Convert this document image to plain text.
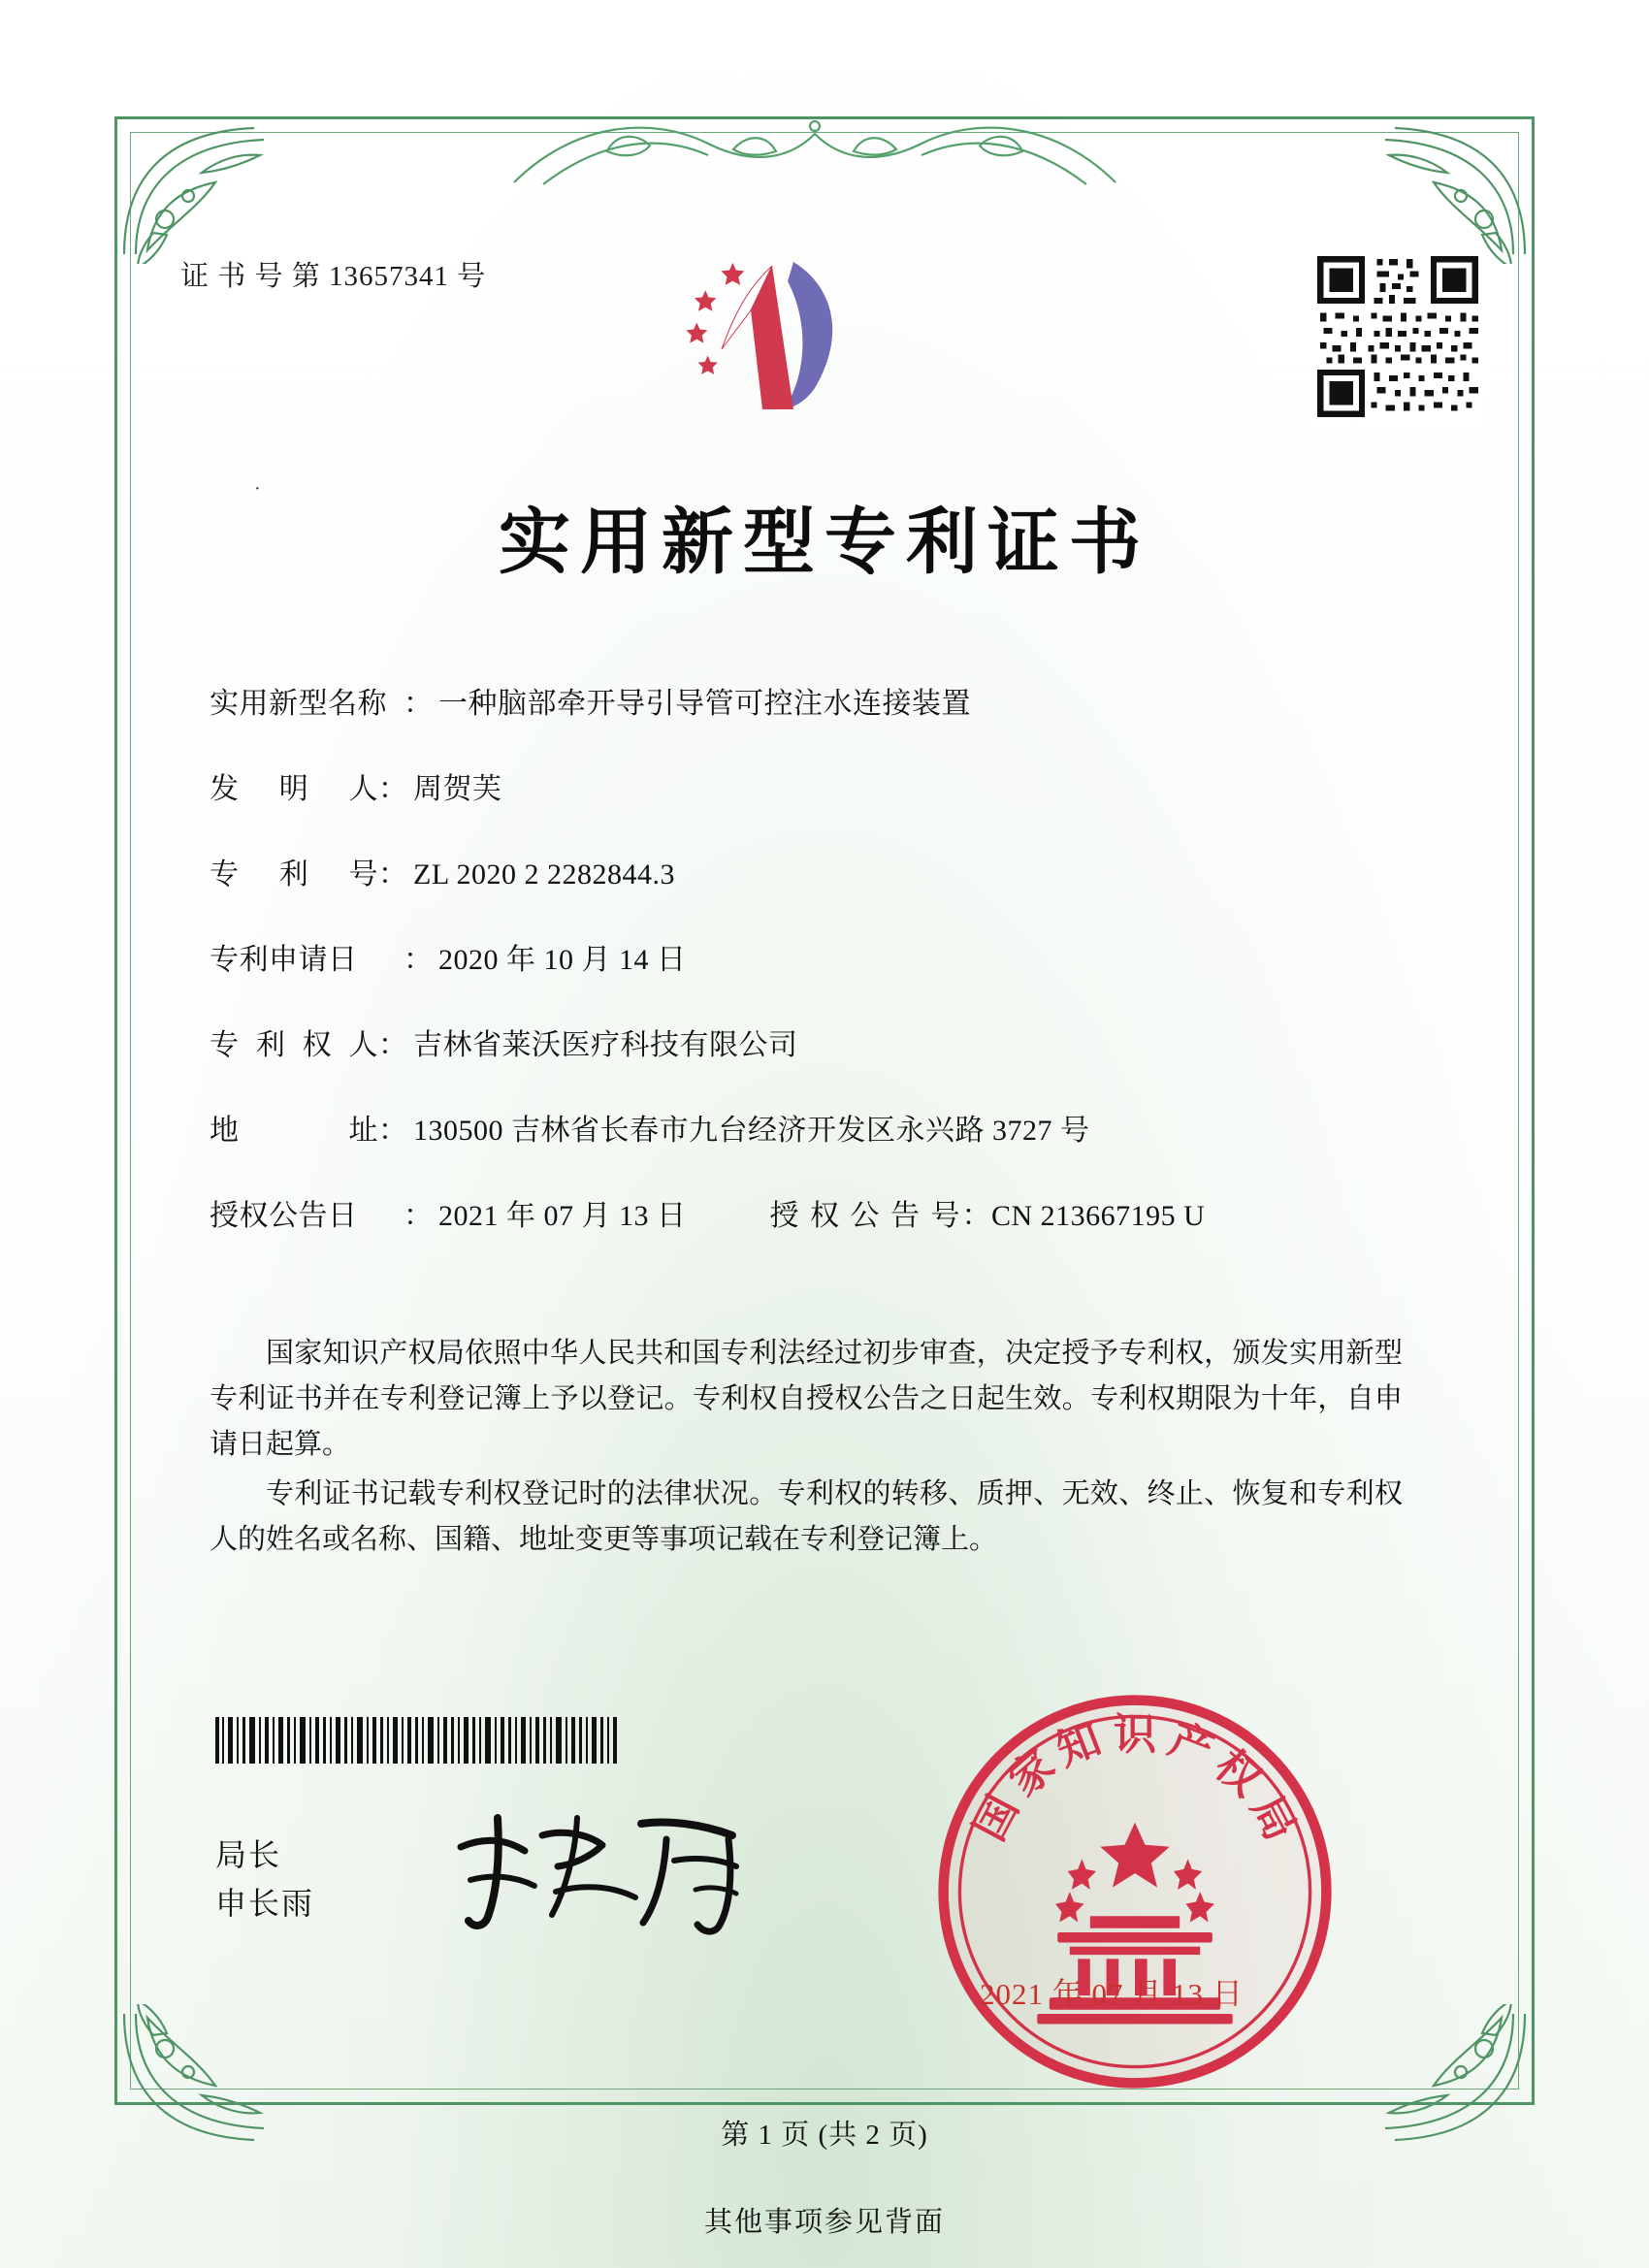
证 书 号 第 13657341 号
·
实用新型专利证书
实用新型名称 ： 一种脑部牵开导引导管可控注水连接装置
发 明 人 ： 周贺芙
专 利 号 ： ZL 2020 2 2282844.3
专利申请日	： 2020 年 10 月 14 日
专 利 权 人 ： 吉林省莱沃医疗科技有限公司
地	址 ： 130500 吉林省长春市九台经济开发区永兴路 3727 号
授权公告日	： 2021 年 07 月 13 日	授 权 公 告 号：CN 213667195 U

国家知识产权局依照中华人民共和国专利法经过初步审查，决定授予专利权，颁发实用新型专利证书并在专利登记簿上予以登记。专利权自授权公告之日起生效。专利权期限为十年，自申请日起算。

专利证书记载专利权登记时的法律状况。专利权的转移、质押、无效、终止、恢复和专利权人的姓名或名称、国籍、地址变更等事项记载在专利登记簿上。

局长
申长雨
国
家
知 识 产
权
局
2021 年 07 月 13 日
第 1 页 (共 2 页)
其他事项参见背面
